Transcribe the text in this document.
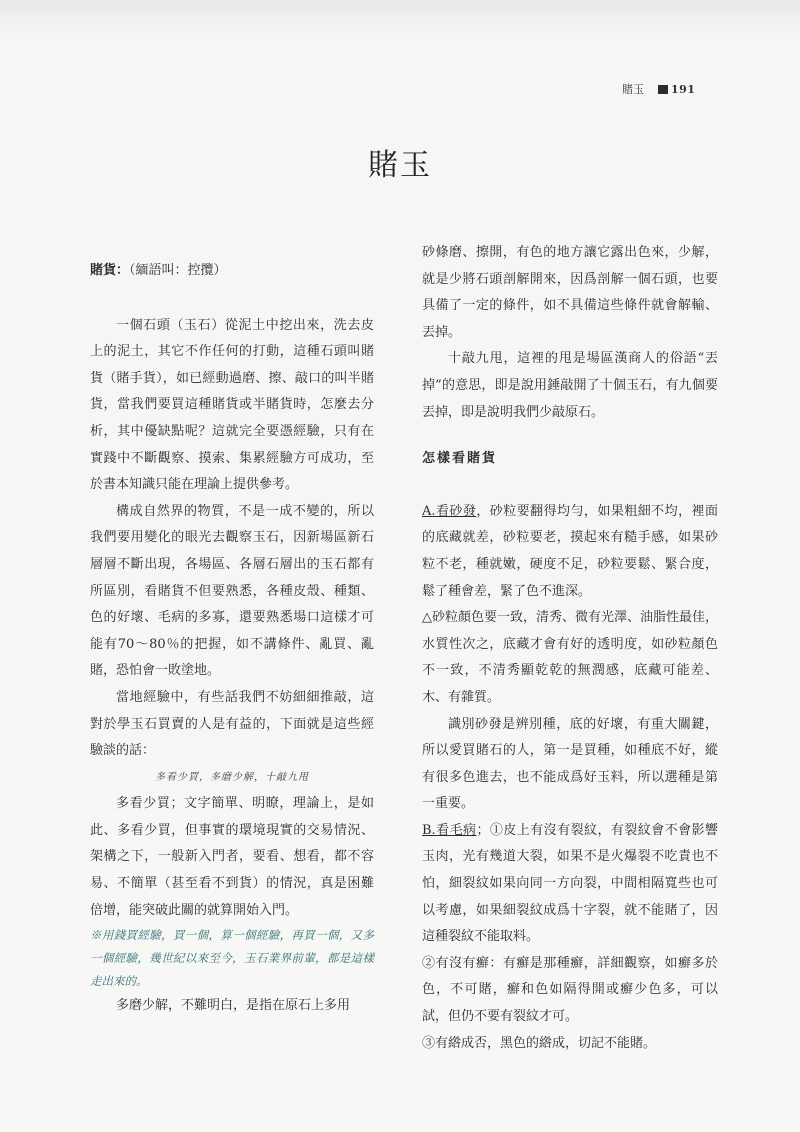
賭玉 191
賭玉

賭貨：（緬語叫：控攬）

一個石頭（玉石）從泥土中挖出來，洗去皮上的泥土，其它不作任何的打動，這種石頭叫賭貨（賭手貨），如已經動過磨、擦、敲口的叫半賭貨，當我們要買這種賭貨或半賭貨時，怎麼去分析，其中優缺點呢？這就完全要憑經驗，只有在實踐中不斷觀察、摸索、集累經驗方可成功，至於書本知識只能在理論上提供參考。

構成自然界的物質，不是一成不變的，所以我們要用變化的眼光去觀察玉石，因新場區新石層層不斷出現，各場區、各層石層出的玉石都有所區別，看賭貨不但要熟悉，各種皮殼、種類、色的好壞、毛病的多寡，還要熟悉場口這樣才可能有70～80％的把握，如不講條件、亂買、亂賭，恐怕會一敗塗地。

當地經驗中，有些話我們不妨細細推敲，這對於學玉石買賣的人是有益的，下面就是這些經驗談的話：

多看少買，多磨少解，十敲九甩

多看少買；文字簡單、明瞭，理論上，是如此、多看少買，但事實的環境現實的交易情況、架構之下，一般新入門者，要看、想看，都不容易、不簡單（甚至看不到貨）的情況，真是困難倍增，能突破此關的就算開始入門。

※用錢買經驗，買一個，算一個經驗，再買一個，又多一個經驗，幾世紀以來至今，玉石業界前輩，都是這樣走出來的。

多磨少解，不難明白，是指在原石上多用

砂條磨、擦開，有色的地方讓它露出色來，少解，就是少將石頭剖解開來，因爲剖解一個石頭，也要具備了一定的條件，如不具備這些條件就會解輸、丟掉。

十敲九甩，這裡的甩是場區漢商人的俗語“丟掉”的意思，即是說用錘敲開了十個玉石，有九個要丟掉，即是說明我們少敲原石。

怎樣看賭貨

A.看砂發，砂粒要翻得均勻，如果粗細不均，裡面的底藏就差，砂粒要老，摸起來有糙手感，如果砂粒不老，種就嫩，硬度不足，砂粒要鬆、緊合度，鬆了種會差，緊了色不進深。

△砂粒顏色要一致，清秀、微有光澤、油脂性最佳，水質性次之，底藏才會有好的透明度，如砂粒顏色不一致，不清秀顯乾乾的無潤感，底藏可能差、木、有雜質。

識別砂發是辨別種，底的好壞，有重大關鍵，所以愛買賭石的人，第一是買種，如種底不好，縱有很多色進去，也不能成爲好玉料，所以選種是第一重要。

B.看毛病；①皮上有沒有裂紋，有裂紋會不會影響玉肉，光有幾道大裂，如果不是火爆裂不吃責也不怕，細裂紋如果向同一方向裂，中間相隔寬些也可以考慮，如果細裂紋成爲十字裂，就不能賭了，因這種裂紋不能取料。

②有沒有癬：有癬是那種癬，詳細觀察，如癬多於色，不可賭，癬和色如隔得開或癬少色多，可以試，但仍不要有裂紋才可。

③有綹成否，黑色的綹成，切記不能賭。
